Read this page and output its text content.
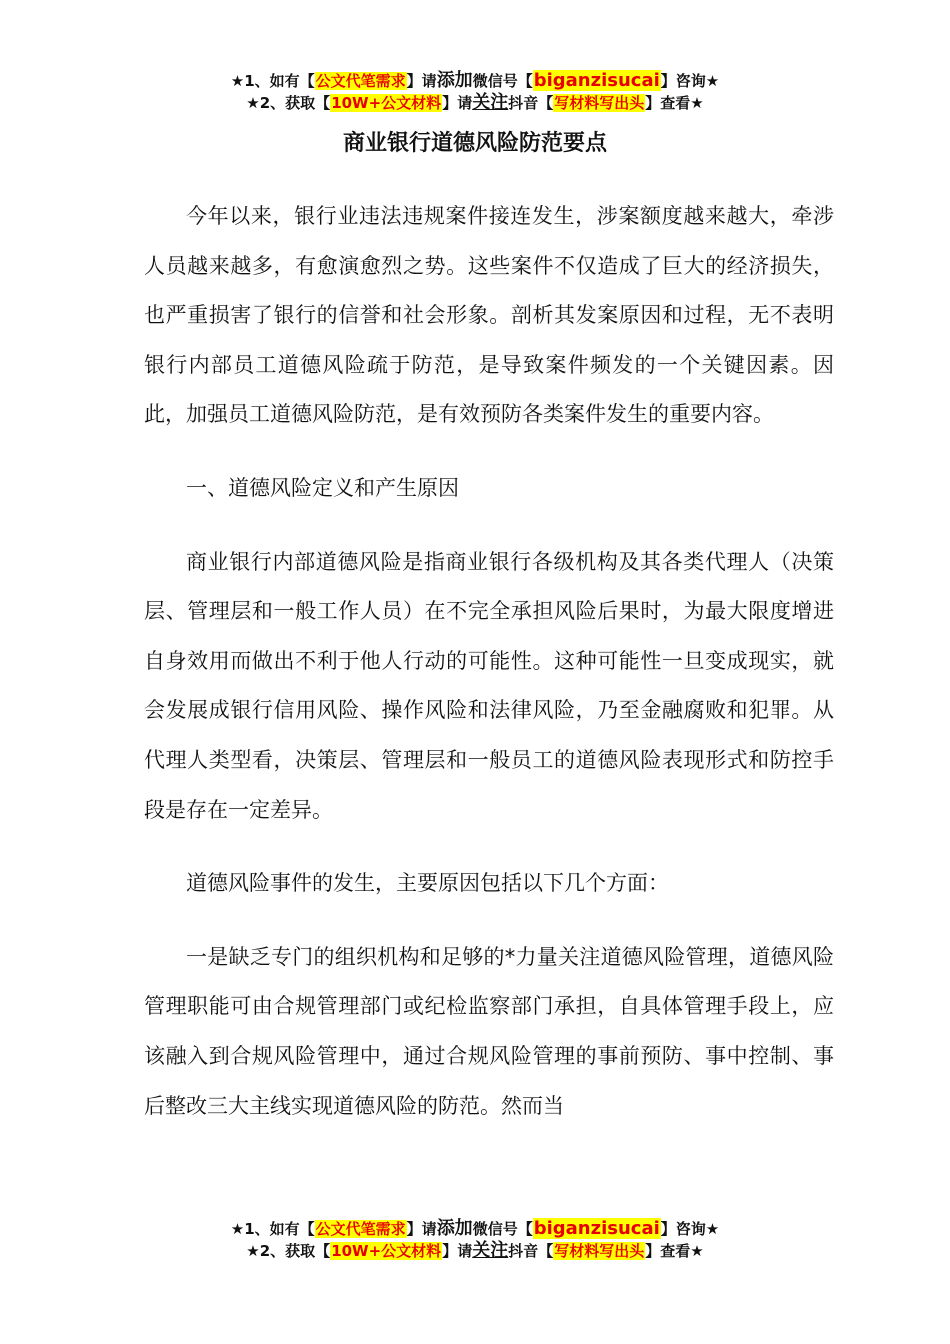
★1、如有【公文代笔需求】请添加微信号【biganzisucai】咨询★
★2、获取【10W+公文材料】请关注抖音【写材料写出头】查看★
商业银行道德风险防范要点

今年以来，银行业违法违规案件接连发生，涉案额度越来越大，牵涉人员越来越多，有愈演愈烈之势。这些案件不仅造成了巨大的经济损失，也严重损害了银行的信誉和社会形象。剖析其发案原因和过程，无不表明银行内部员工道德风险疏于防范，是导致案件频发的一个关键因素。因此，加强员工道德风险防范，是有效预防各类案件发生的重要内容。

一、道德风险定义和产生原因

商业银行内部道德风险是指商业银行各级机构及其各类代理人（决策层、管理层和一般工作人员）在不完全承担风险后果时，为最大限度增进自身效用而做出不利于他人行动的可能性。这种可能性一旦变成现实，就会发展成银行信用风险、操作风险和法律风险，乃至金融腐败和犯罪。从代理人类型看，决策层、管理层和一般员工的道德风险表现形式和防控手段是存在一定差异。

道德风险事件的发生，主要原因包括以下几个方面：

一是缺乏专门的组织机构和足够的*力量关注道德风险管理，道德风险管理职能可由合规管理部门或纪检监察部门承担，自具体管理手段上，应该融入到合规风险管理中，通过合规风险管理的事前预防、事中控制、事后整改三大主线实现道德风险的防范。然而当

★1、如有【公文代笔需求】请添加微信号【biganzisucai】咨询★
★2、获取【10W+公文材料】请关注抖音【写材料写出头】查看★
